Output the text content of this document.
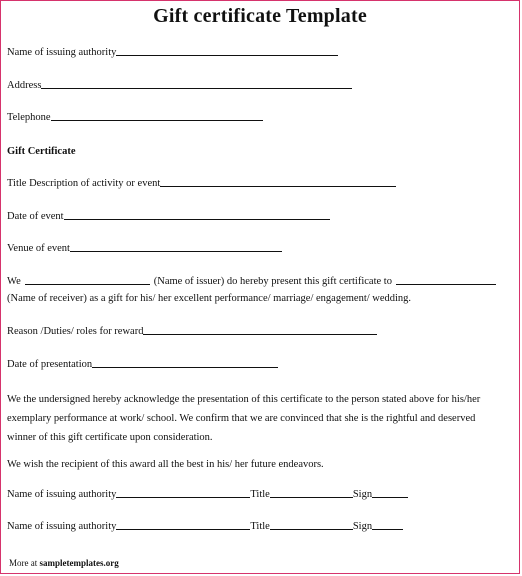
Gift certificate Template
Name of issuing authority
Address
Telephone
Gift Certificate
Title Description of activity or event
Date of event
Venue of event
We	(Name of issuer) do hereby present this gift certificate to
(Name of receiver) as a gift for his/ her excellent performance/ marriage/ engagement/ wedding.
Reason /Duties/ roles for reward
Date of presentation
We the undersigned hereby acknowledge the presentation of this certificate to the person stated above for his/her exemplary performance at work/ school. We confirm that we are convinced that she is the rightful and deserved winner of this gift certificate upon consideration.
We wish the recipient of this award all the best in his/ her future endeavors.
Name of issuing authority	Title	Sign
Name of issuing authority	Title	Sign
More at sampletemplates.org
